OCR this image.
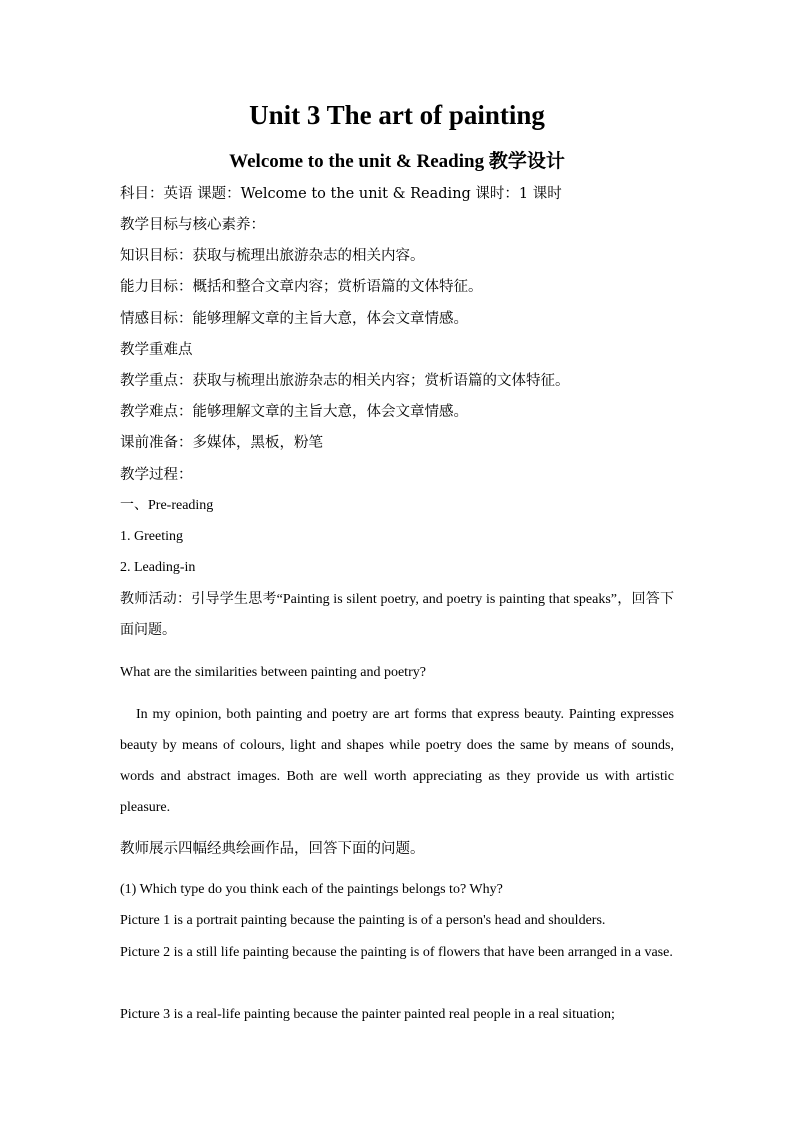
Unit 3 The art of painting
Welcome to the unit & Reading 教学设计
科目：英语 课题：Welcome to the unit & Reading 课时：1 课时
教学目标与核心素养：
知识目标：获取与梳理出旅游杂志的相关内容。
能力目标：概括和整合文章内容；赏析语篇的文体特征。
情感目标：能够理解文章的主旨大意，体会文章情感。
教学重难点
教学重点：获取与梳理出旅游杂志的相关内容；赏析语篇的文体特征。
教学难点：能够理解文章的主旨大意，体会文章情感。
课前准备：多媒体，黑板，粉笔
教学过程：
一、Pre-reading
1. Greeting
2. Leading-in

教师活动：引导学生思考“Painting is silent poetry, and poetry is painting that speaks”，回答下面问题。

What are the similarities between painting and poetry?

In my opinion, both painting and poetry are art forms that express beauty. Painting expresses beauty by means of colours, light and shapes while poetry does the same by means of sounds, words and abstract images. Both are well worth appreciating as they provide us with artistic pleasure.

教师展示四幅经典绘画作品，回答下面的问题。
(1) Which type do you think each of the paintings belongs to? Why?
Picture 1 is a portrait painting because the painting is of a person's head and shoulders.

Picture 2 is a still life painting because the painting is of flowers that have been arranged in a vase.

Picture 3 is a real-life painting because the painter painted real people in a real situation;
